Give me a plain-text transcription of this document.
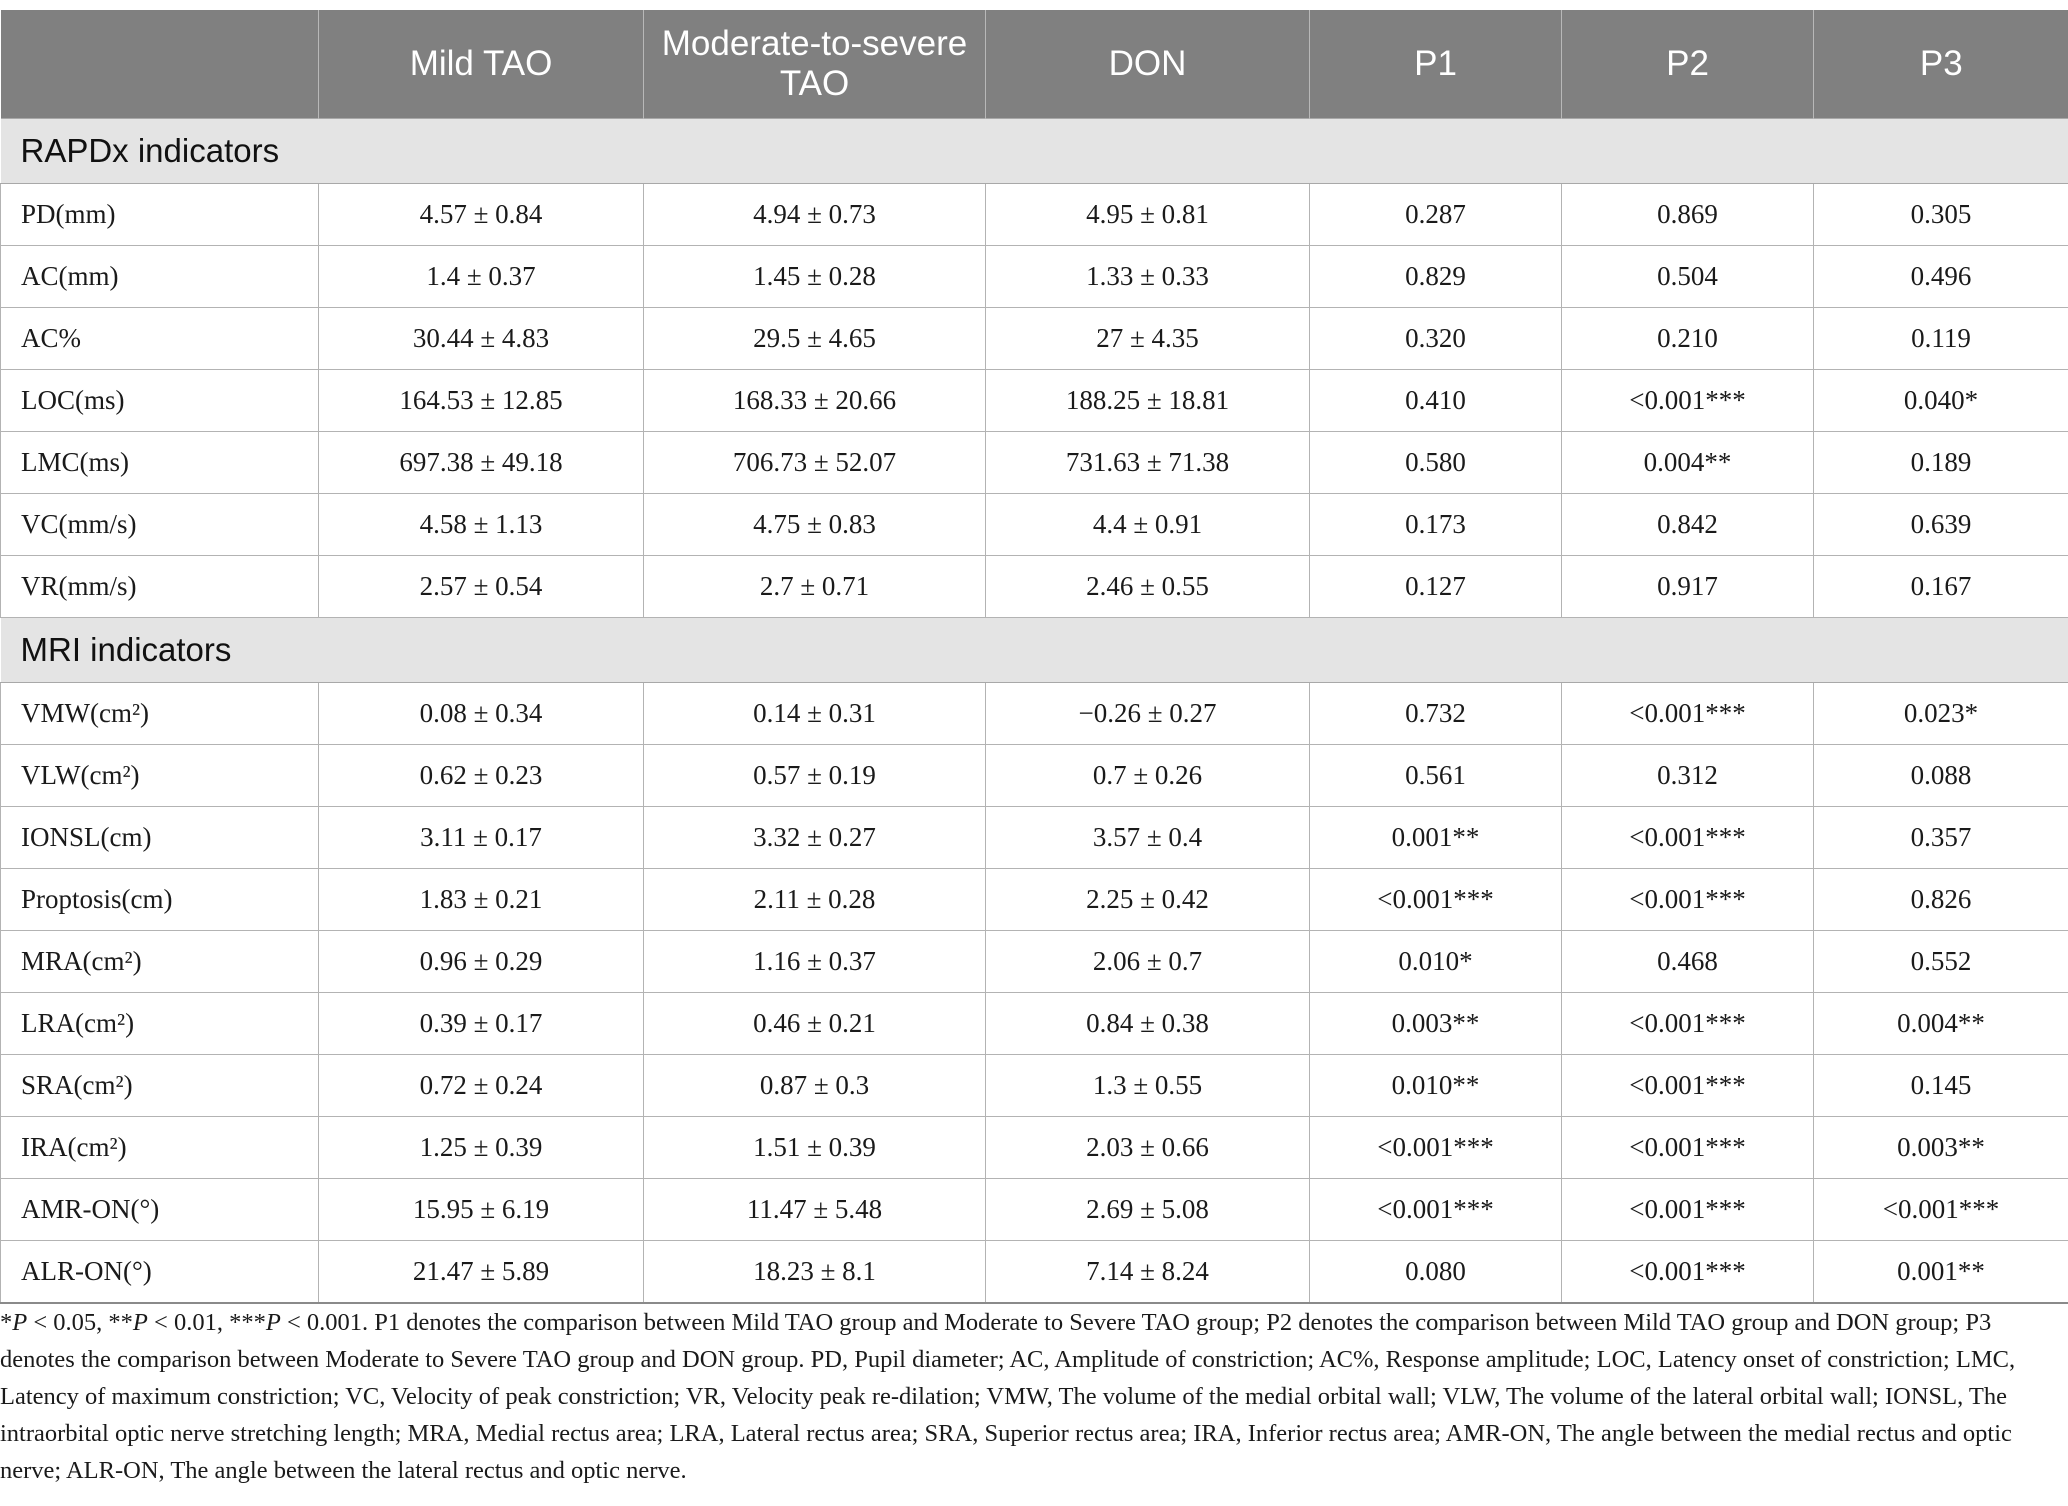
	Mild TAO	Moderate-to-severe TAO	DON	P1	P2	P3
RAPDx indicators						
PD(mm)	4.57 ± 0.84	4.94 ± 0.73	4.95 ± 0.81	0.287	0.869	0.305
AC(mm)	1.4 ± 0.37	1.45 ± 0.28	1.33 ± 0.33	0.829	0.504	0.496
AC%	30.44 ± 4.83	29.5 ± 4.65	27 ± 4.35	0.320	0.210	0.119
LOC(ms)	164.53 ± 12.85	168.33 ± 20.66	188.25 ± 18.81	0.410	<0.001***	0.040*
LMC(ms)	697.38 ± 49.18	706.73 ± 52.07	731.63 ± 71.38	0.580	0.004**	0.189
VC(mm/s)	4.58 ± 1.13	4.75 ± 0.83	4.4 ± 0.91	0.173	0.842	0.639
VR(mm/s)	2.57 ± 0.54	2.7 ± 0.71	2.46 ± 0.55	0.127	0.917	0.167
MRI indicators						
VMW(cm²)	0.08 ± 0.34	0.14 ± 0.31	−0.26 ± 0.27	0.732	<0.001***	0.023*
VLW(cm²)	0.62 ± 0.23	0.57 ± 0.19	0.7 ± 0.26	0.561	0.312	0.088
IONSL(cm)	3.11 ± 0.17	3.32 ± 0.27	3.57 ± 0.4	0.001**	<0.001***	0.357
Proptosis(cm)	1.83 ± 0.21	2.11 ± 0.28	2.25 ± 0.42	<0.001***	<0.001***	0.826
MRA(cm²)	0.96 ± 0.29	1.16 ± 0.37	2.06 ± 0.7	0.010*	0.468	0.552
LRA(cm²)	0.39 ± 0.17	0.46 ± 0.21	0.84 ± 0.38	0.003**	<0.001***	0.004**
SRA(cm²)	0.72 ± 0.24	0.87 ± 0.3	1.3 ± 0.55	0.010**	<0.001***	0.145
IRA(cm²)	1.25 ± 0.39	1.51 ± 0.39	2.03 ± 0.66	<0.001***	<0.001***	0.003**
AMR-ON(°)	15.95 ± 6.19	11.47 ± 5.48	2.69 ± 5.08	<0.001***	<0.001***	<0.001***
ALR-ON(°)	21.47 ± 5.89	18.23 ± 8.1	7.14 ± 8.24	0.080	<0.001***	0.001**
*P < 0.05, **P < 0.01, ***P < 0.001. P1 denotes the comparison between Mild TAO group and Moderate to Severe TAO group; P2 denotes the comparison between Mild TAO group and DON group; P3 denotes the comparison between Moderate to Severe TAO group and DON group. PD, Pupil diameter; AC, Amplitude of constriction; AC%, Response amplitude; LOC, Latency onset of constriction; LMC, Latency of maximum constriction; VC, Velocity of peak constriction; VR, Velocity peak re-dilation; VMW, The volume of the medial orbital wall; VLW, The volume of the lateral orbital wall; IONSL, The intraorbital optic nerve stretching length; MRA, Medial rectus area; LRA, Lateral rectus area; SRA, Superior rectus area; IRA, Inferior rectus area; AMR-ON, The angle between the medial rectus and optic nerve; ALR-ON, The angle between the lateral rectus and optic nerve.
